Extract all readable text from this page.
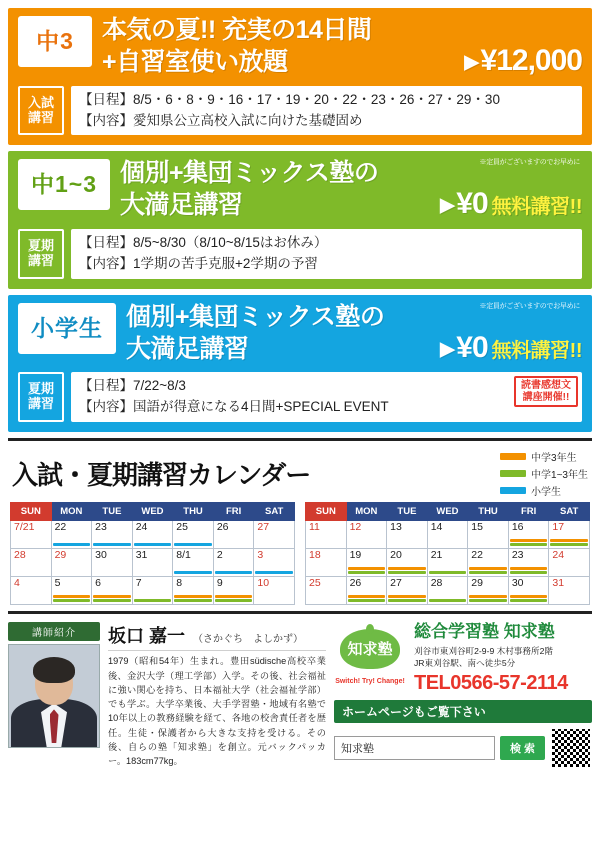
中3	本気の夏!! 充実の14日間
+自習室使い放題	▶ ¥12,000
入試
講習
【日程】8/5・6・8・9・16・17・19・20・22・23・26・27・29・30
【内容】愛知県公立高校入試に向けた基礎固め
※定員がございますのでお早めに
中1~3 個別+集団ミックス塾の
大満足講習	▶ ¥0 無料講習!!
夏期
講習
【日程】8/5~8/30（8/10~8/15はお休み）
【内容】1学期の苦手克服+2学期の予習
※定員がございますのでお早めに
小学生 個別+集団ミックス塾の
大満足講習	▶ ¥0 無料講習!!
夏期
講習
【日程】7/22~8/3
【内容】国語が得意になる4日間+SPECIAL EVENT
読書感想文
講座開催!!
入試・夏期講習カレンダー
中学3年生
中学1~3年生
小学生
SUN	MON	TUE	WED	THU	FRI	SAT

7/21	22	23	24	25	26	27

28	29	30	31	8/1	2	3

4	5	6	7	8	9	10
SUN	MON	TUE	WED	THU	FRI	SAT

11	12	13	14	15	16	17

18	19	20	21	22	23	24

25	26	27	28	29	30	31
講師紹介	坂口 嘉一 （さかぐち　よしかず）
1979（昭和54年）生まれ。豊田südische高校卒業後、金沢大学（理工学部）入学。その後、社会福祉に強い関心を持ち、日本福祉大学（社会福祉学部）でも学ぶ。大学卒業後、大手学習塾・地域有名塾で10年以上の教務経験を経て、各地の校舎責任者を歴任。生徒・保護者から大きな支持を受ける。その後、自らの塾「知求塾」を創立。元バックパッカー。183cm77kg。
知求塾
Switch! Try! Change!
総合学習塾 知求塾
刈谷市東刈谷町2-9-9 木村事務所2階
JR東刈谷駅、南へ徒歩5分
TEL0566-57-2114
ホームページもご覧下さい
知求塾
検 索
